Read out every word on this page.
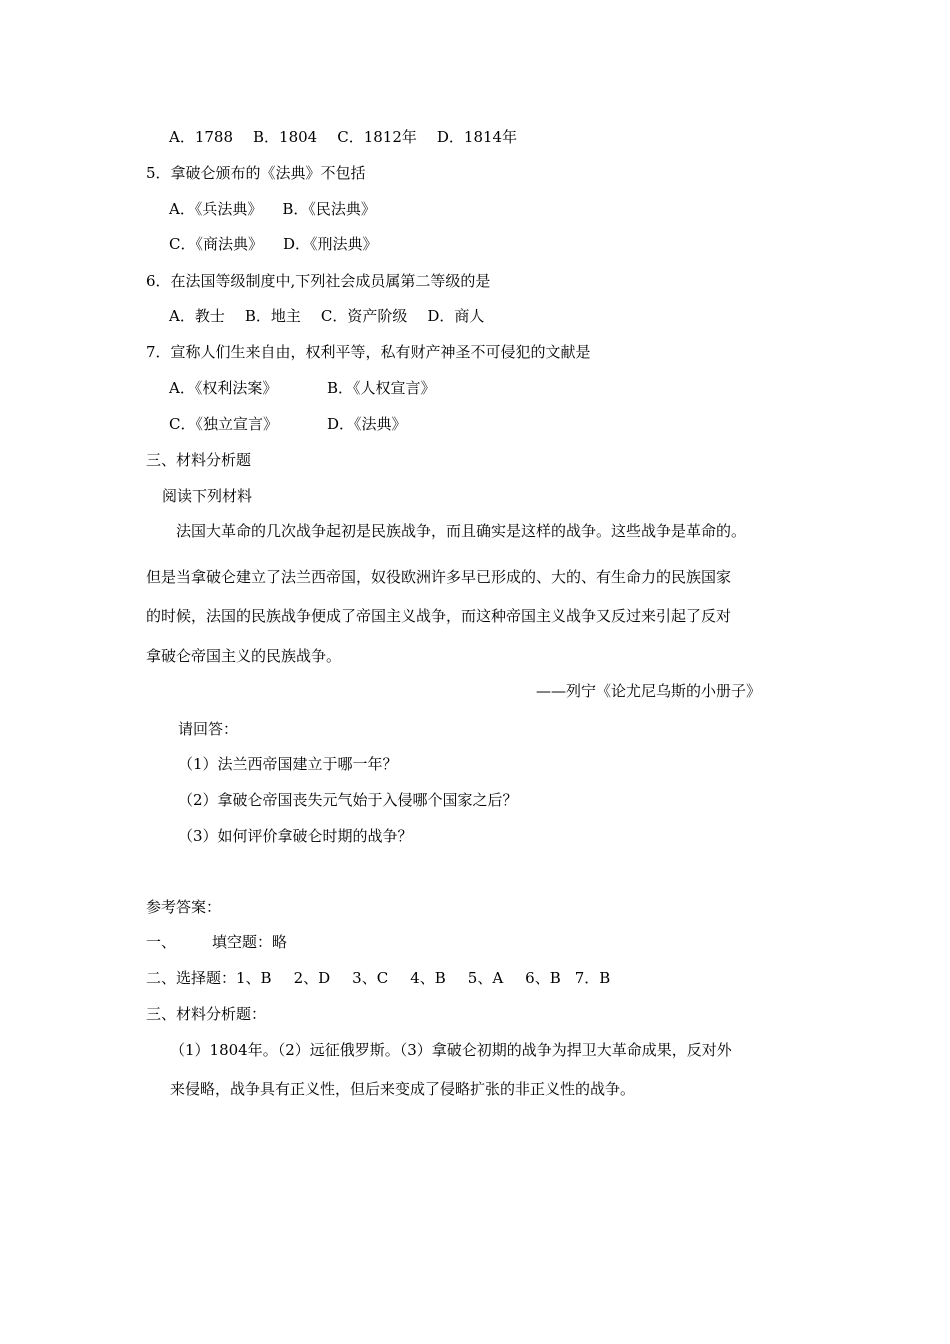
A．1788 B．1804 C．1812年 D．1814年
5．拿破仑颁布的《法典》不包括
A．《兵法典》 B．《民法典》
C．《商法典》 D．《刑法典》
6．在法国等级制度中,下列社会成员属第二等级的是
A．教士 B．地主 C．资产阶级 D．商人
7．宣称人们生来自由，权利平等，私有财产神圣不可侵犯的文献是
A．《权利法案》	B．《人权宣言》
C．《独立宣言》	D．《法典》
三、材料分析题
阅读下列材料
法国大革命的几次战争起初是民族战争，而且确实是这样的战争。这些战争是革命的。
但是当拿破仑建立了法兰西帝国，奴役欧洲许多早已形成的、大的、有生命力的民族国家
的时候，法国的民族战争便成了帝国主义战争，而这种帝国主义战争又反过来引起了反对
拿破仑帝国主义的民族战争。
——列宁《论尤尼乌斯的小册子》
请回答：
（1）法兰西帝国建立于哪一年？
（2）拿破仑帝国丧失元气始于入侵哪个国家之后？
（3）如何评价拿破仑时期的战争？
参考答案：
一、 填空题：略
二、选择题：1、B 2、D 3、C 4、B 5、A 6、B 7．B
三、材料分析题：
（1）1804年。（2）远征俄罗斯。（3）拿破仑初期的战争为捍卫大革命成果，反对外
来侵略，战争具有正义性，但后来变成了侵略扩张的非正义性的战争。
